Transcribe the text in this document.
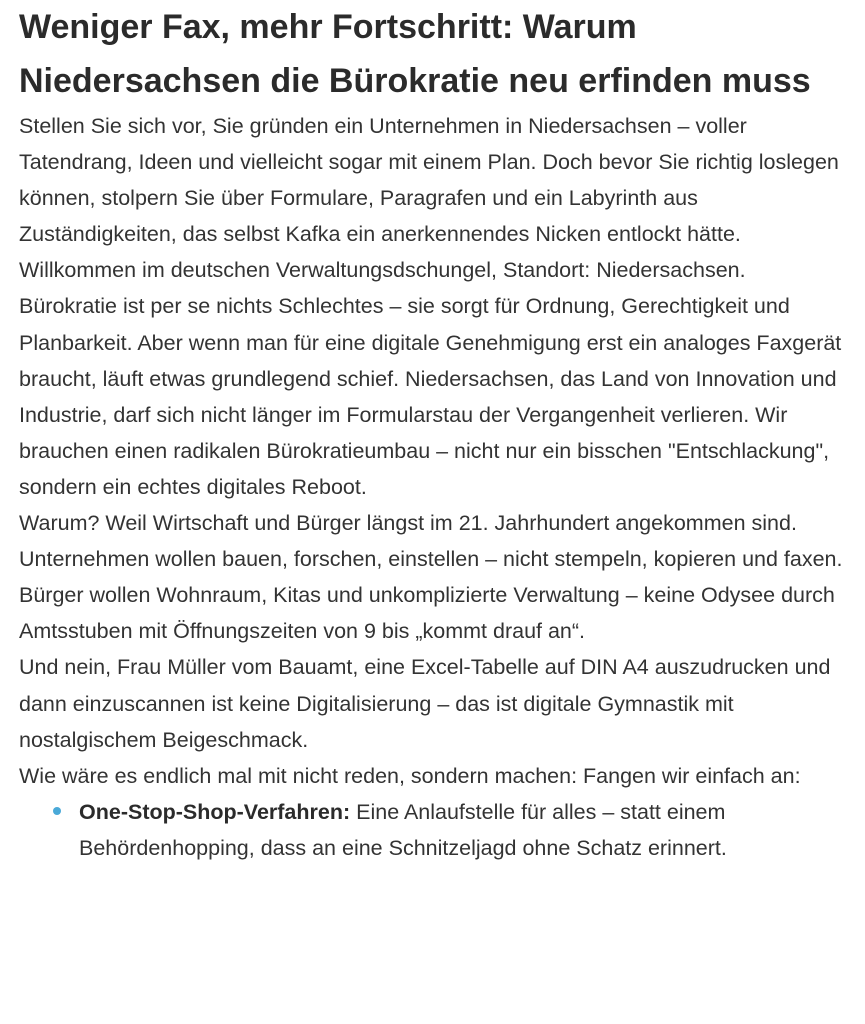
Weniger Fax, mehr Fortschritt: Warum Niedersachsen die Bürokratie neu erfinden muss

Stellen Sie sich vor, Sie gründen ein Unternehmen in Niedersachsen – voller Tatendrang, Ideen und vielleicht sogar mit einem Plan. Doch bevor Sie richtig loslegen können, stolpern Sie über Formulare, Paragrafen und ein Labyrinth aus Zuständigkeiten, das selbst Kafka ein anerkennendes Nicken entlockt hätte. Willkommen im deutschen Verwaltungsdschungel, Standort: Niedersachsen.

Bürokratie ist per se nichts Schlechtes – sie sorgt für Ordnung, Gerechtigkeit und Planbarkeit. Aber wenn man für eine digitale Genehmigung erst ein analoges Faxgerät braucht, läuft etwas grundlegend schief. Niedersachsen, das Land von Innovation und Industrie, darf sich nicht länger im Formularstau der Vergangenheit verlieren. Wir brauchen einen radikalen Bürokratieumbau – nicht nur ein bisschen "Entschlackung", sondern ein echtes digitales Reboot.

Warum? Weil Wirtschaft und Bürger längst im 21. Jahrhundert angekommen sind. Unternehmen wollen bauen, forschen, einstellen – nicht stempeln, kopieren und faxen. Bürger wollen Wohnraum, Kitas und unkomplizierte Verwaltung – keine Odysee durch Amtsstuben mit Öffnungszeiten von 9 bis „kommt drauf an“.

Und nein, Frau Müller vom Bauamt, eine Excel-Tabelle auf DIN A4 auszudrucken und dann einzuscannen ist keine Digitalisierung – das ist digitale Gymnastik mit nostalgischem Beigeschmack.

Wie wäre es endlich mal mit nicht reden, sondern machen: Fangen wir einfach an:

One-Stop-Shop-Verfahren: Eine Anlaufstelle für alles – statt einem Behördenhopping, dass an eine Schnitzeljagd ohne Schatz erinnert.
